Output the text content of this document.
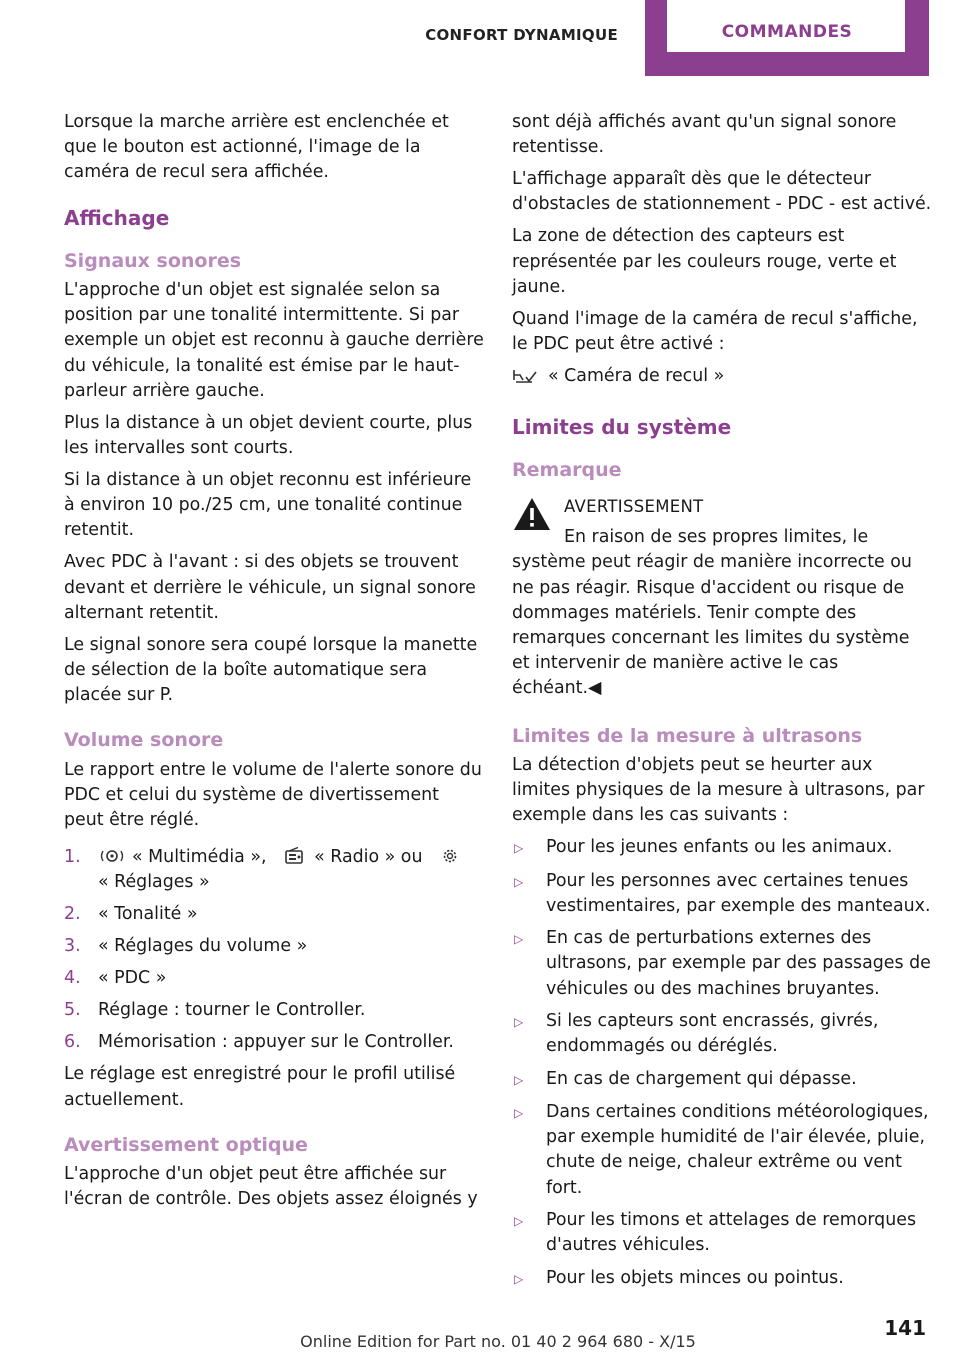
CONFORT DYNAMIQUE	COMMANDES

Lorsque la marche arrière est enclenchée et que le bouton est actionné, l'image de la caméra de recul sera affichée.

Affichage
Signaux sonores

L'approche d'un objet est signalée selon sa position par une tonalité intermittente. Si par exemple un objet est reconnu à gauche derrière du véhicule, la tonalité est émise par le haut-parleur arrière gauche.

Plus la distance à un objet devient courte, plus les intervalles sont courts.

Si la distance à un objet reconnu est inférieure à environ 10 po./25 cm, une tonalité continue retentit.

Avec PDC à l'avant : si des objets se trouvent devant et derrière le véhicule, un signal sonore alternant retentit.

Le signal sonore sera coupé lorsque la manette de sélection de la boîte automatique sera placée sur P.

Volume sonore

Le rapport entre le volume de l'alerte sonore du PDC et celui du système de divertissement peut être réglé.

1.	« Multimédia »,	« Radio » ou
« Réglages »
2.	« Tonalité »
3.	« Réglages du volume »
4.	« PDC »
5.	Réglage : tourner le Controller.
6.	Mémorisation : appuyer sur le Controller.

Le réglage est enregistré pour le profil utilisé actuellement.

Avertissement optique

L'approche d'un objet peut être affichée sur l'écran de contrôle. Des objets assez éloignés y

sont déjà affichés avant qu'un signal sonore retentisse.

L'affichage apparaît dès que le détecteur d'obstacles de stationnement - PDC - est activé.

La zone de détection des capteurs est représentée par les couleurs rouge, verte et jaune.

Quand l'image de la caméra de recul s'affiche, le PDC peut être activé :

« Caméra de recul »
Limites du système
Remarque
AVERTISSEMENT

En raison de ses propres limites, le système peut réagir de manière incorrecte ou ne pas réagir. Risque d'accident ou risque de dommages matériels. Tenir compte des remarques concernant les limites du système et intervenir de manière active le cas échéant.◀

Limites de la mesure à ultrasons

La détection d'objets peut se heurter aux limites physiques de la mesure à ultrasons, par exemple dans les cas suivants :

▷	Pour les jeunes enfants ou les animaux.
▷	Pour les personnes avec certaines tenues vestimentaires, par exemple des manteaux.
▷	En cas de perturbations externes des ultrasons, par exemple par des passages de véhicules ou des machines bruyantes.
▷	Si les capteurs sont encrassés, givrés, endommagés ou déréglés.
▷	En cas de chargement qui dépasse.
▷	Dans certaines conditions météorologiques, par exemple humidité de l'air élevée, pluie, chute de neige, chaleur extrême ou vent fort.
▷	Pour les timons et attelages de remorques d'autres véhicules.
▷	Pour les objets minces ou pointus.
141
Online Edition for Part no. 01 40 2 964 680 - X/15
